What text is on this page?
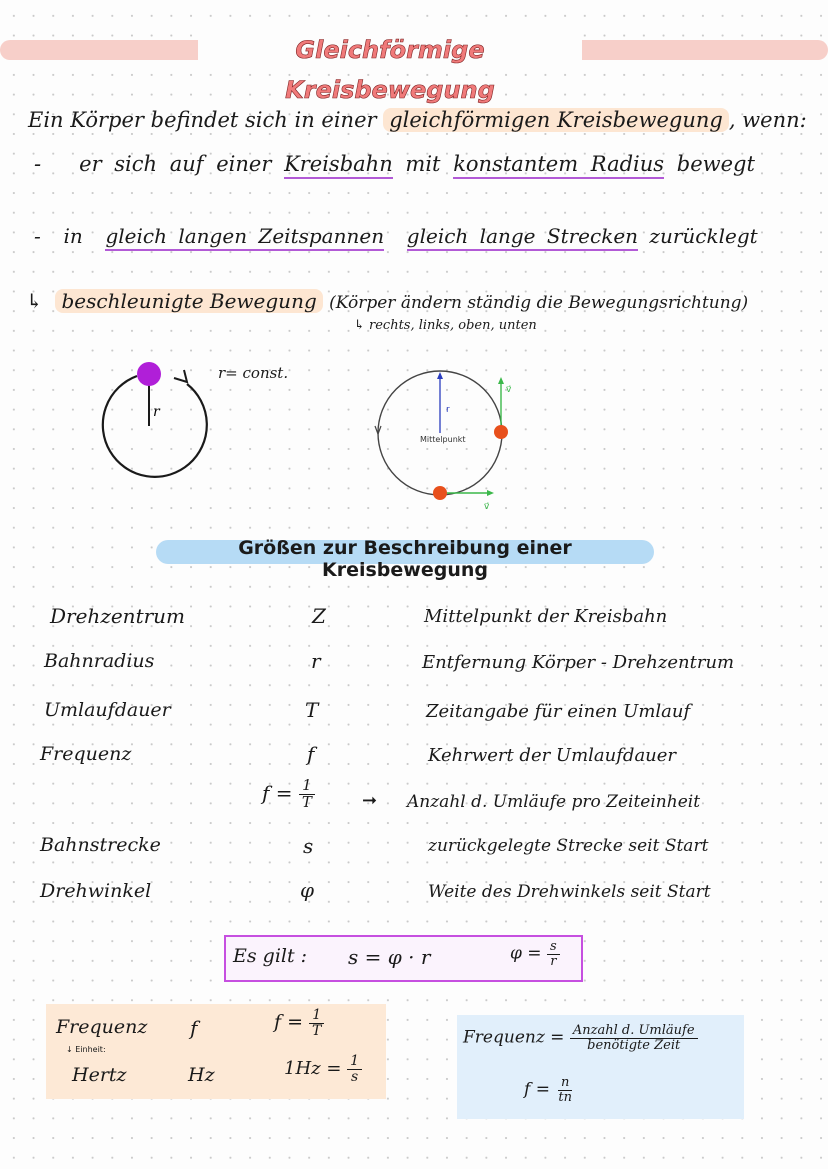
Gleichförmige Kreisbewegung
Ein Körper befindet sich in einer gleichförmigen Kreisbewegung , wenn:
- er sich auf einer Kreisbahn mit konstantem Radius bewegt
- in gleich langen Zeitspannen gleich lange Strecken zurücklegt
↳ beschleunigte Bewegung (Körper ändern ständig die Bewegungsrichtung)
↳ rechts, links, oben, unten
r
r= const.
r
Mittelpunkt
v⃗
v⃗
Größen zur Beschreibung einer Kreisbewegung
Drehzentrum	Z	Mittelpunkt der Kreisbahn
Bahnradius	r	Entfernung Körper - Drehzentrum
Umlaufdauer	T	Zeitangabe für einen Umlauf
Frequenz	f	Kehrwert der Umlaufdauer
$f = \frac{1}{T}$	➞ Anzahl d. Umläufe pro Zeiteinheit
Bahnstrecke	s	zurückgelegte Strecke seit Start
Drehwinkel	φ	Weite des Drehwinkels seit Start
Es gilt : s = φ · r	$\varphi = \frac{s}{r}$
Frequenz f	$f = \frac{1}{T}$
↓ Einheit:
Hertz	Hz	$1Hz = \frac{1}{s}$
Frequenz = $\frac{\text{Anzahl d. Umläufe}}{\text{benötigte Zeit}}$
$f = \frac{n}{tn}$
